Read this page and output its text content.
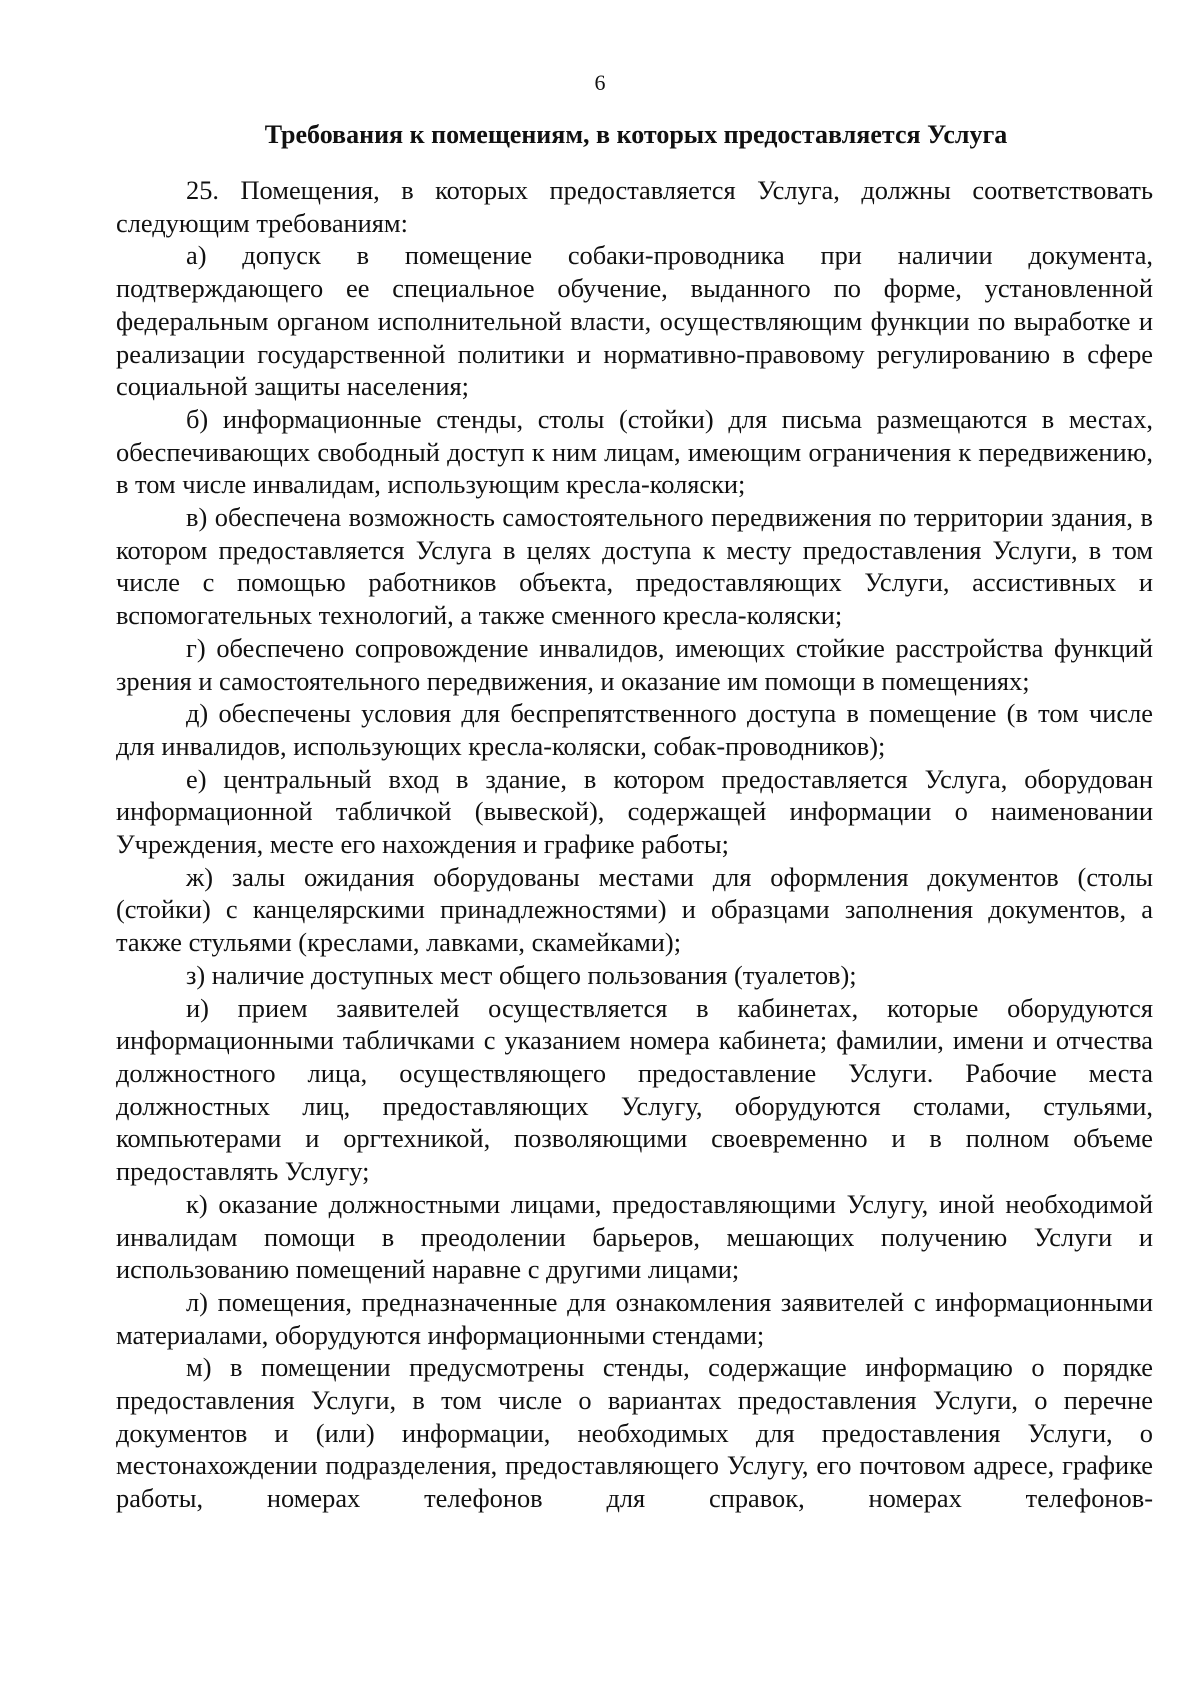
6
Требования к помещениям, в которых предоставляется Услуга

25. Помещения, в которых предоставляется Услуга, должны соответствовать следующим требованиям:

а) допуск в помещение собаки-проводника при наличии документа, подтверждающего ее специальное обучение, выданного по форме, установленной федеральным органом исполнительной власти, осуществляющим функции по выработке и реализации государственной политики и нормативно-правовому регулированию в сфере социальной защиты населения;

б) информационные стенды, столы (стойки) для письма размещаются в местах, обеспечивающих свободный доступ к ним лицам, имеющим ограничения к передвижению, в том числе инвалидам, использующим кресла-коляски;

в) обеспечена возможность самостоятельного передвижения по территории здания, в котором предоставляется Услуга в целях доступа к месту предоставления Услуги, в том числе с помощью работников объекта, предоставляющих Услуги, ассистивных и вспомогательных технологий, а также сменного кресла-коляски;

г) обеспечено сопровождение инвалидов, имеющих стойкие расстройства функций зрения и самостоятельного передвижения, и оказание им помощи в помещениях;

д) обеспечены условия для беспрепятственного доступа в помещение (в том числе для инвалидов, использующих кресла-коляски, собак-проводников);

е) центральный вход в здание, в котором предоставляется Услуга, оборудован информационной табличкой (вывеской), содержащей информации о наименовании Учреждения, месте его нахождения и графике работы;

ж) залы ожидания оборудованы местами для оформления документов (столы (стойки) с канцелярскими принадлежностями) и образцами заполнения документов, а также стульями (креслами, лавками, скамейками);

з) наличие доступных мест общего пользования (туалетов);

и) прием заявителей осуществляется в кабинетах, которые оборудуются информационными табличками с указанием номера кабинета; фамилии, имени и отчества должностного лица, осуществляющего предоставление Услуги. Рабочие места должностных лиц, предоставляющих Услугу, оборудуются столами, стульями, компьютерами и оргтехникой, позволяющими своевременно и в полном объеме предоставлять Услугу;

к) оказание должностными лицами, предоставляющими Услугу, иной необходимой инвалидам помощи в преодолении барьеров, мешающих получению Услуги и использованию помещений наравне с другими лицами;

л) помещения, предназначенные для ознакомления заявителей с информационными материалами, оборудуются информационными стендами;

м) в помещении предусмотрены стенды, содержащие информацию о порядке предоставления Услуги, в том числе о вариантах предоставления Услуги, о перечне документов и (или) информации, необходимых для предоставления Услуги, о местонахождении подразделения, предоставляющего Услугу, его почтовом адресе, графике работы, номерах телефонов для справок, номерах телефонов-
